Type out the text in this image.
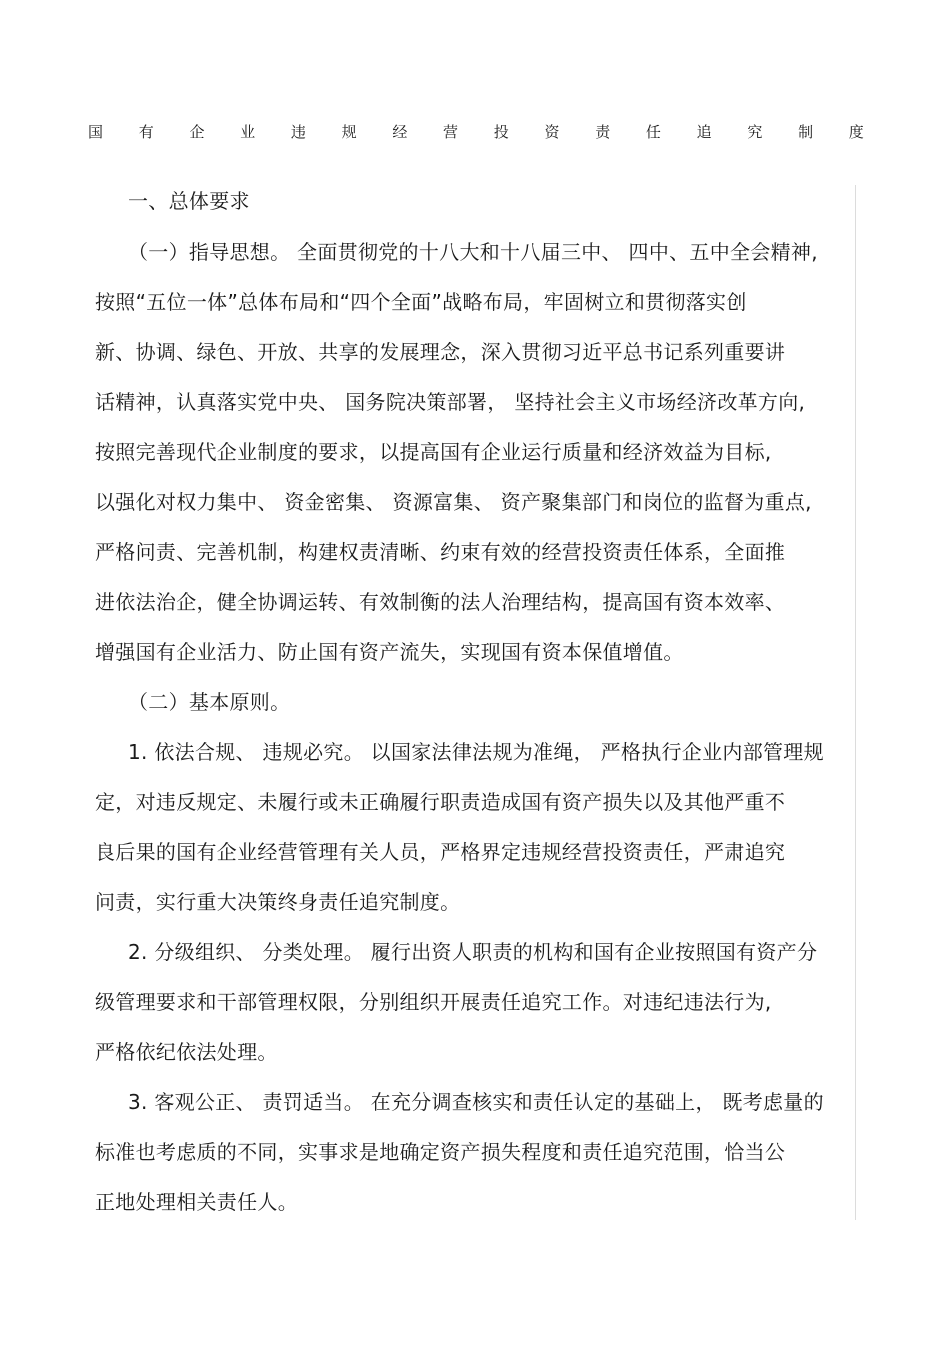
国 有 企 业 违 规 经 营 投 资 责 任 追 究 制 度
一、总体要求
（一）指导思想。 全面贯彻党的十八大和十八届三中、 四中、五中全会精神,
按照“五位一体”总体布局和“四个全面”战略布局，牢固树立和贯彻落实创
新、协调、绿色、开放、共享的发展理念，深入贯彻习近平总书记系列重要讲
话精神，认真落实党中央、 国务院决策部署， 坚持社会主义市场经济改革方向,
按照完善现代企业制度的要求，以提高国有企业运行质量和经济效益为目标,
以强化对权力集中、 资金密集、 资源富集、 资产聚集部门和岗位的监督为重点,
严格问责、完善机制，构建权责清晰、约束有效的经营投资责任体系，全面推
进依法治企，健全协调运转、有效制衡的法人治理结构，提高国有资本效率、
增强国有企业活力、防止国有资产流失，实现国有资本保值增值。
（二）基本原则。
1. 依法合规、 违规必究。 以国家法律法规为准绳， 严格执行企业内部管理规
定，对违反规定、未履行或未正确履行职责造成国有资产损失以及其他严重不
良后果的国有企业经营管理有关人员，严格界定违规经营投资责任，严肃追究
问责，实行重大决策终身责任追究制度。
2. 分级组织、 分类处理。 履行出资人职责的机构和国有企业按照国有资产分
级管理要求和干部管理权限，分别组织开展责任追究工作。对违纪违法行为,
严格依纪依法处理。
3. 客观公正、 责罚适当。 在充分调查核实和责任认定的基础上， 既考虑量的
标准也考虑质的不同，实事求是地确定资产损失程度和责任追究范围，恰当公
正地处理相关责任人。
